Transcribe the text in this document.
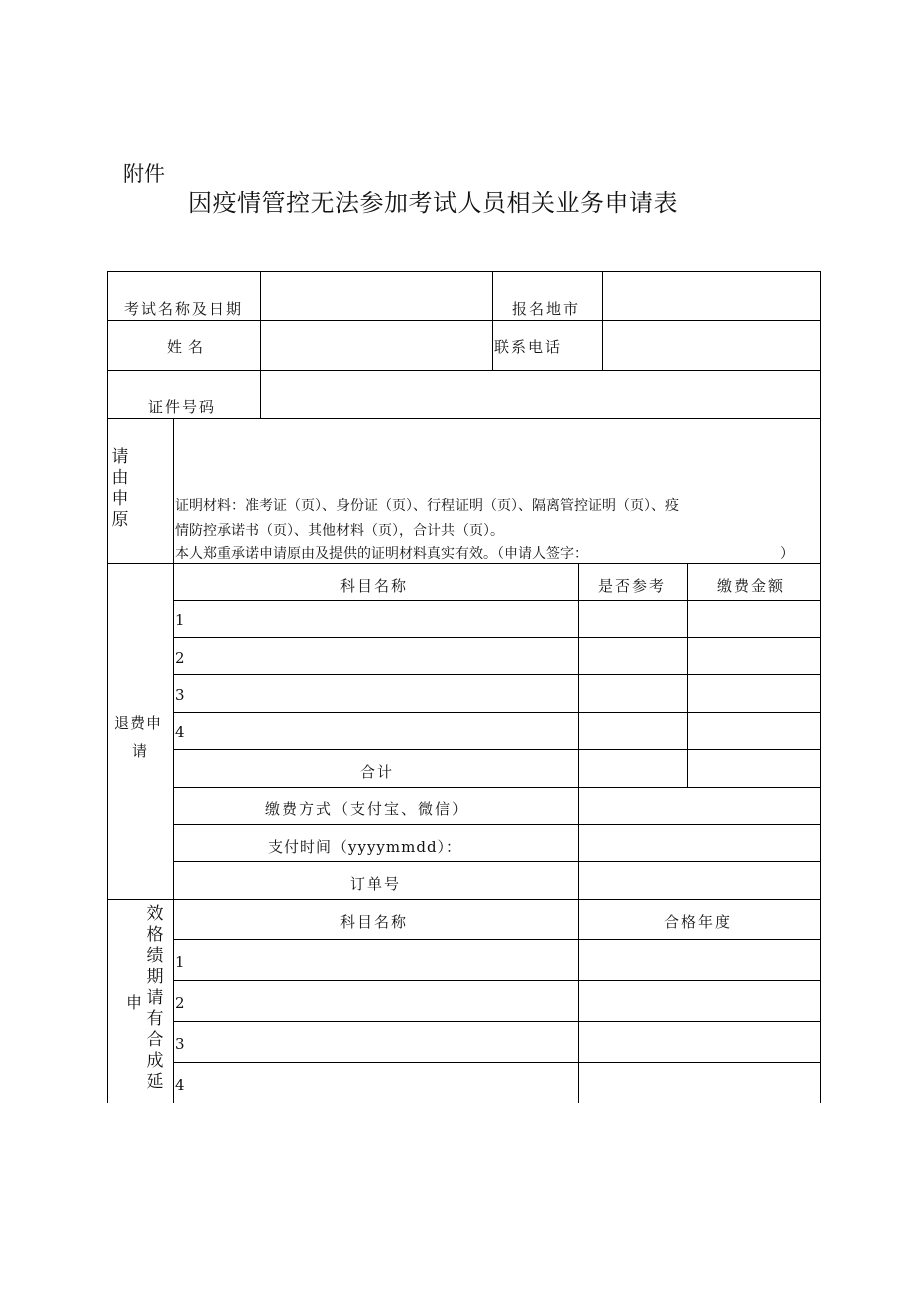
附件
因疫情管控无法参加考试人员相关业务申请表
考试名称及日期	报名地市
姓名	联系电话
证件号码
请
由
申
原
证明材料：准考证（页）、身份证（页）、行程证明（页）、隔离管控证明（页）、疫
情防控承诺书（页）、其他材料（页），合计共（页）。
本人郑重承诺申请原由及提供的证明材料真实有效。（申请人签字：	）
退费申
请
科目名称	是否参考	缴费金额
1
2
3
4
合计
缴费方式（支付宝、微信）
支付时间（yyyymmdd）：
订单号
申
效
格
绩
期
请
有
合
成
延
科目名称	合格年度
1
2
3
4
